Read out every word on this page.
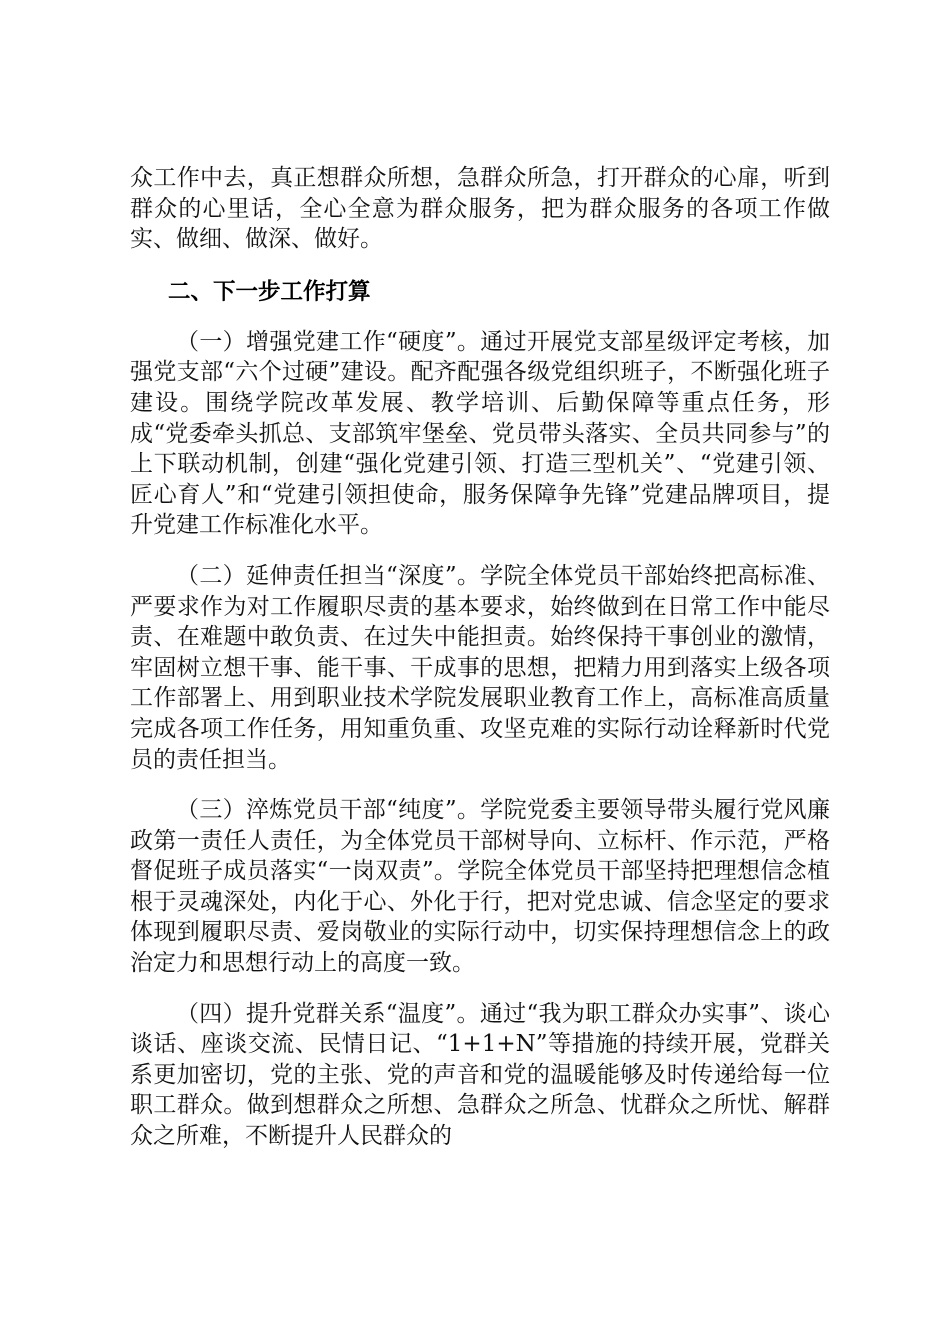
众工作中去，真正想群众所想，急群众所急，打开群众的心扉，听到群众的心里话，全心全意为群众服务，把为群众服务的各项工作做实、做细、做深、做好。

二、下一步工作打算

（一）增强党建工作“硬度”。通过开展党支部星级评定考核，加强党支部“六个过硬”建设。配齐配强各级党组织班子，不断强化班子建设。围绕学院改革发展、教学培训、后勤保障等重点任务，形成“党委牵头抓总、支部筑牢堡垒、党员带头落实、全员共同参与”的上下联动机制，创建“强化党建引领、打造三型机关”、“党建引领、匠心育人”和“党建引领担使命，服务保障争先锋”党建品牌项目，提升党建工作标准化水平。

（二）延伸责任担当“深度”。学院全体党员干部始终把高标准、严要求作为对工作履职尽责的基本要求，始终做到在日常工作中能尽责、在难题中敢负责、在过失中能担责。始终保持干事创业的激情，牢固树立想干事、能干事、干成事的思想，把精力用到落实上级各项工作部署上、用到职业技术学院发展职业教育工作上，高标准高质量完成各项工作任务，用知重负重、攻坚克难的实际行动诠释新时代党员的责任担当。

（三）淬炼党员干部“纯度”。学院党委主要领导带头履行党风廉政第一责任人责任，为全体党员干部树导向、立标杆、作示范，严格督促班子成员落实“一岗双责”。学院全体党员干部坚持把理想信念植根于灵魂深处，内化于心、外化于行，把对党忠诚、信念坚定的要求体现到履职尽责、爱岗敬业的实际行动中，切实保持理想信念上的政治定力和思想行动上的高度一致。

（四）提升党群关系“温度”。通过“我为职工群众办实事”、谈心谈话、座谈交流、民情日记、“1+1+N”等措施的持续开展，党群关系更加密切，党的主张、党的声音和党的温暖能够及时传递给每一位职工群众。做到想群众之所想、急群众之所急、忧群众之所忧、解群众之所难，不断提升人民群众的
